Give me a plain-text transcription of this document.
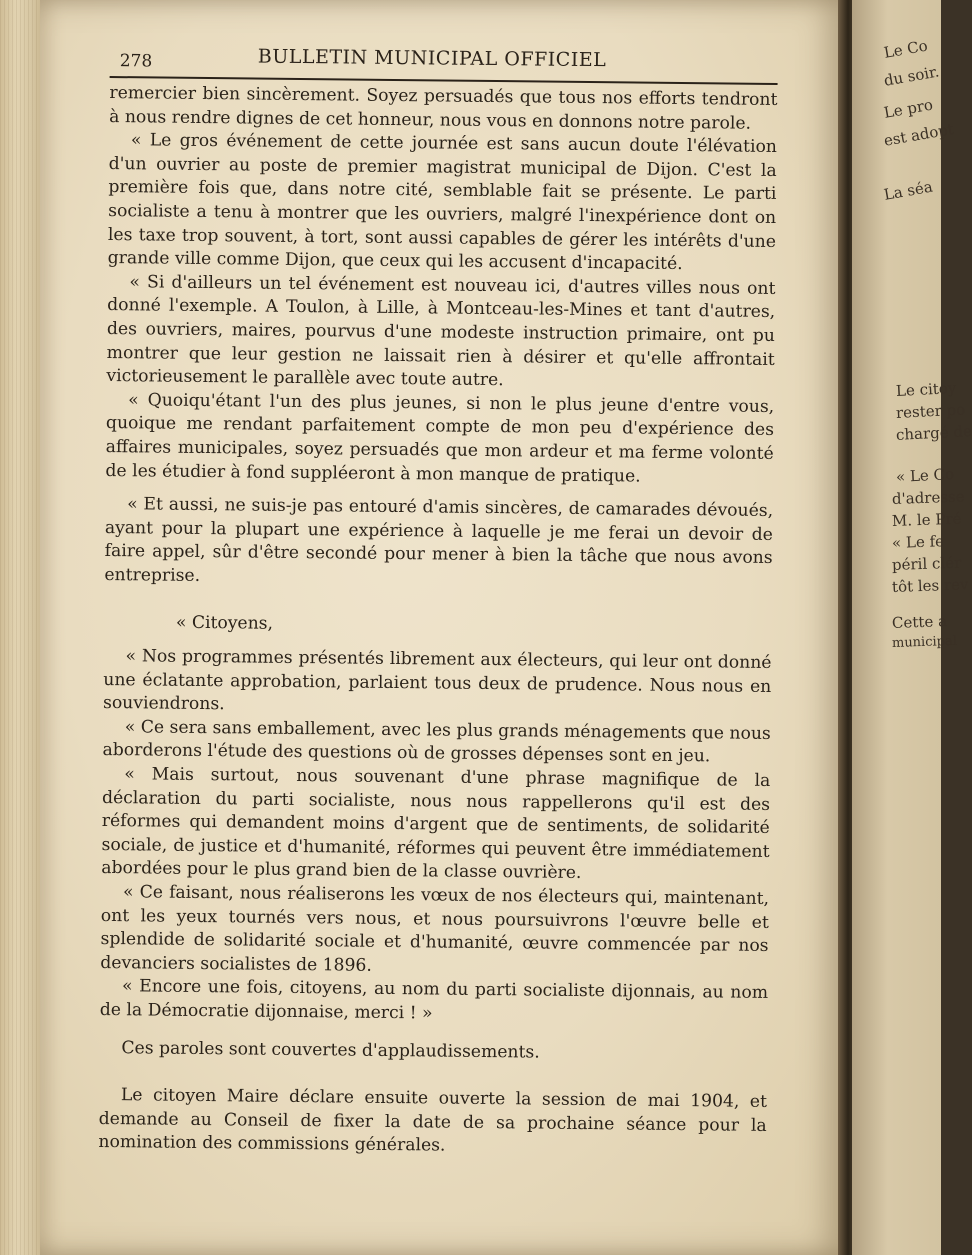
Le Co
du soir.
Le pro
est adopt
La séa
Le citoy
rester po
chargé de
« Le Co
d'adresse
M. le Pré
« Le fe
péril clér
tôt les rev
Cette a
municipal
278	BULLETIN MUNICIPAL OFFICIEL

remercier bien sincèrement. Soyez persuadés que tous nos efforts tendront à nous rendre dignes de cet honneur, nous vous en donnons notre parole.

« Le gros événement de cette journée est sans aucun doute l'élévation d'un ouvrier au poste de premier magistrat municipal de Dijon. C'est la première fois que, dans notre cité, semblable fait se présente. Le parti socialiste a tenu à montrer que les ouvriers, malgré l'inexpérience dont on les taxe trop souvent, à tort, sont aussi capables de gérer les intérêts d'une grande ville comme Dijon, que ceux qui les accusent d'incapacité.

« Si d'ailleurs un tel événement est nouveau ici, d'autres villes nous ont donné l'exemple. A Toulon, à Lille, à Montceau-les-Mines et tant d'autres, des ouvriers, maires, pourvus d'une modeste instruction primaire, ont pu montrer que leur gestion ne laissait rien à désirer et qu'elle affrontait victorieusement le parallèle avec toute autre.

« Quoiqu'étant l'un des plus jeunes, si non le plus jeune d'entre vous, quoique me rendant parfaitement compte de mon peu d'expérience des affaires municipales, soyez persuadés que mon ardeur et ma ferme volonté de les étudier à fond suppléeront à mon manque de pratique.

« Et aussi, ne suis-je pas entouré d'amis sincères, de camarades dévoués, ayant pour la plupart une expérience à laquelle je me ferai un devoir de faire appel, sûr d'être secondé pour mener à bien la tâche que nous avons entreprise.

« Citoyens,

« Nos programmes présentés librement aux électeurs, qui leur ont donné une éclatante approbation, parlaient tous deux de prudence. Nous nous en souviendrons.

« Ce sera sans emballement, avec les plus grands ménagements que nous aborderons l'étude des questions où de grosses dépenses sont en jeu.

« Mais surtout, nous souvenant d'une phrase magnifique de la déclaration du parti socialiste, nous nous rappellerons qu'il est des réformes qui demandent moins d'argent que de sentiments, de solidarité sociale, de justice et d'humanité, réformes qui peuvent être immédiatement abordées pour le plus grand bien de la classe ouvrière.

« Ce faisant, nous réaliserons les vœux de nos électeurs qui, maintenant, ont les yeux tournés vers nous, et nous poursuivrons l'œuvre belle et splendide de solidarité sociale et d'humanité, œuvre commencée par nos devanciers socialistes de 1896.

« Encore une fois, citoyens, au nom du parti socialiste dijonnais, au nom de la Démocratie dijonnaise, merci ! »

Ces paroles sont couvertes d'applaudissements.

Le citoyen Maire déclare ensuite ouverte la session de mai 1904, et demande au Conseil de fixer la date de sa prochaine séance pour la nomination des commissions générales.
